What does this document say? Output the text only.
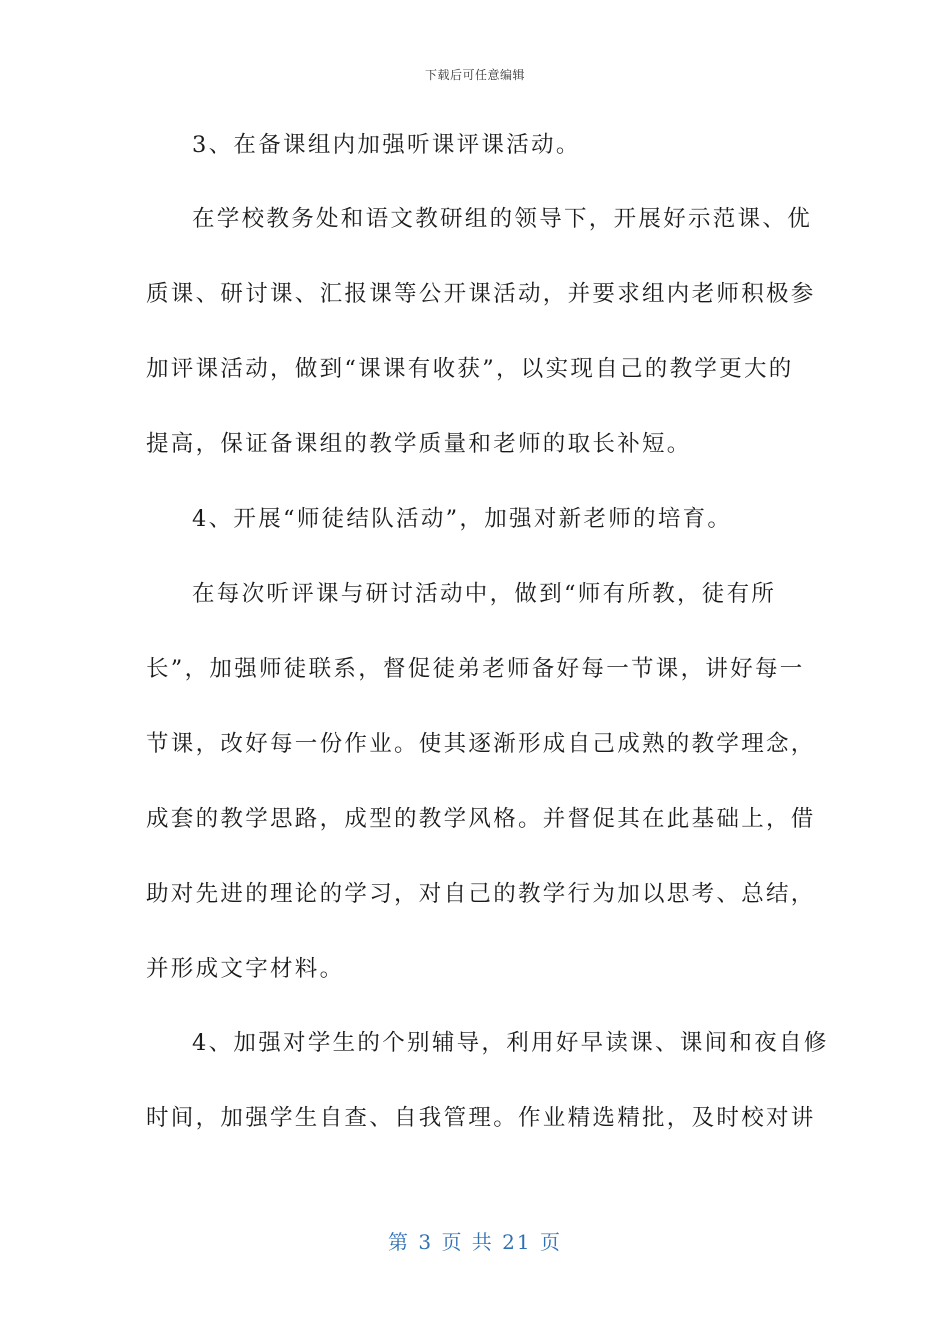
下载后可任意编辑
3、在备课组内加强听课评课活动。
在学校教务处和语文教研组的领导下，开展好示范课、优
质课、研讨课、汇报课等公开课活动，并要求组内老师积极参
加评课活动，做到“课课有收获”，以实现自己的教学更大的
提高，保证备课组的教学质量和老师的取长补短。
4、开展“师徒结队活动”，加强对新老师的培育。
在每次听评课与研讨活动中，做到“师有所教，徒有所
长”，加强师徒联系，督促徒弟老师备好每一节课，讲好每一
节课，改好每一份作业。使其逐渐形成自己成熟的教学理念，
成套的教学思路，成型的教学风格。并督促其在此基础上，借
助对先进的理论的学习，对自己的教学行为加以思考、总结，
并形成文字材料。
4、加强对学生的个别辅导，利用好早读课、课间和夜自修
时间，加强学生自查、自我管理。作业精选精批，及时校对讲
第 3 页 共 21 页
